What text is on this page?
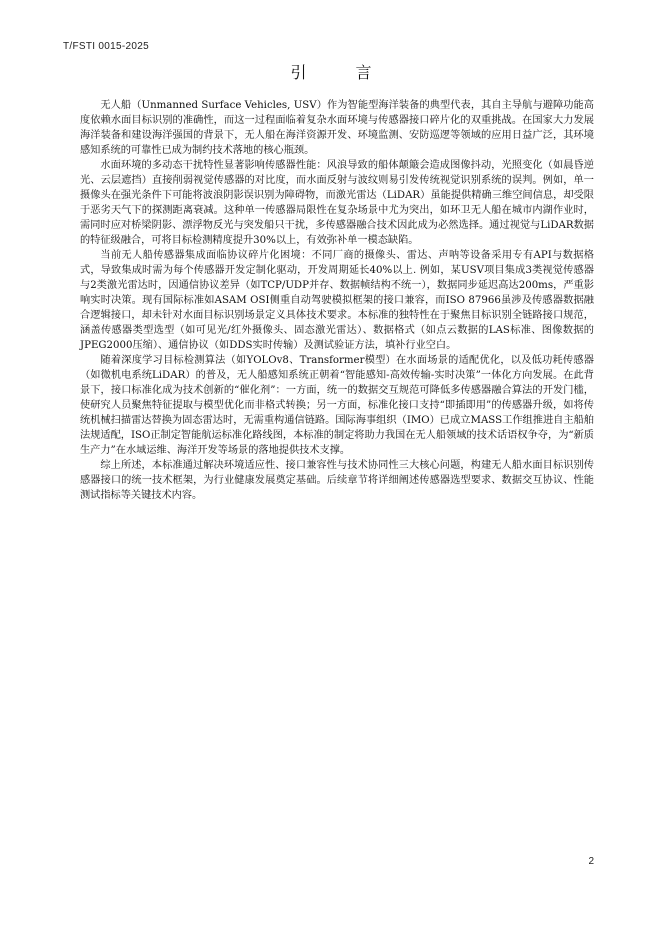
T/FSTI 0015-2025
引 言

无人船（Unmanned Surface Vehicles, USV）作为智能型海洋装备的典型代表，其自主导航与避障功能高度依赖水面目标识别的准确性，而这一过程面临着复杂水面环境与传感器接口碎片化的双重挑战。在国家大力发展海洋装备和建设海洋强国的背景下，无人船在海洋资源开发、环境监测、安防巡逻等领域的应用日益广泛，其环境感知系统的可靠性已成为制约技术落地的核心瓶颈。

水面环境的多动态干扰特性显著影响传感器性能：风浪导致的船体颠簸会造成图像抖动，光照变化（如晨昏逆光、云层遮挡）直接削弱视觉传感器的对比度，而水面反射与波纹则易引发传统视觉识别系统的误判。例如，单一摄像头在强光条件下可能将波浪阴影误识别为障碍物，而激光雷达（LiDAR）虽能提供精确三维空间信息，却受限于恶劣天气下的探测距离衰减。这种单一传感器局限性在复杂场景中尤为突出，如环卫无人船在城市内湖作业时，需同时应对桥梁阴影、漂浮物反光与突发船只干扰，多传感器融合技术因此成为必然选择。通过视觉与LiDAR数据的特征级融合，可将目标检测精度提升30%以上，有效弥补单一模态缺陷。

当前无人船传感器集成面临协议碎片化困境：不同厂商的摄像头、雷达、声呐等设备采用专有API与数据格式，导致集成时需为每个传感器开发定制化驱动，开发周期延长40%以上. 例如，某USV项目集成3类视觉传感器与2类激光雷达时，因通信协议差异（如TCP/UDP并存、数据帧结构不统一），数据同步延迟高达200ms，严重影响实时决策。现有国际标准如ASAM OSI侧重自动驾驶模拟框架的接口兼容，而ISO 87966虽涉及传感器数据融合逻辑接口，却未针对水面目标识别场景定义具体技术要求。本标准的独特性在于聚焦目标识别全链路接口规范，涵盖传感器类型选型（如可见光/红外摄像头、固态激光雷达）、数据格式（如点云数据的LAS标准、图像数据的JPEG2000压缩）、通信协议（如DDS实时传输）及测试验证方法，填补行业空白。

随着深度学习目标检测算法（如YOLOv8、Transformer模型）在水面场景的适配优化，以及低功耗传感器（如微机电系统LiDAR）的普及，无人船感知系统正朝着“智能感知-高效传输-实时决策”一体化方向发展。在此背景下，接口标准化成为技术创新的“催化剂”：一方面，统一的数据交互规范可降低多传感器融合算法的开发门槛，使研究人员聚焦特征提取与模型优化而非格式转换；另一方面，标准化接口支持“即插即用”的传感器升级，如将传统机械扫描雷达替换为固态雷达时，无需重构通信链路。国际海事组织（IMO）已成立MASS工作组推进自主船舶法规适配，ISO正制定智能航运标准化路线图，本标准的制定将助力我国在无人船领域的技术话语权争夺，为“新质生产力”在水域运维、海洋开发等场景的落地提供技术支撑。

综上所述，本标准通过解决环境适应性、接口兼容性与技术协同性三大核心问题，构建无人船水面目标识别传感器接口的统一技术框架，为行业健康发展奠定基础。后续章节将详细阐述传感器选型要求、数据交互协议、性能测试指标等关键技术内容。

2
